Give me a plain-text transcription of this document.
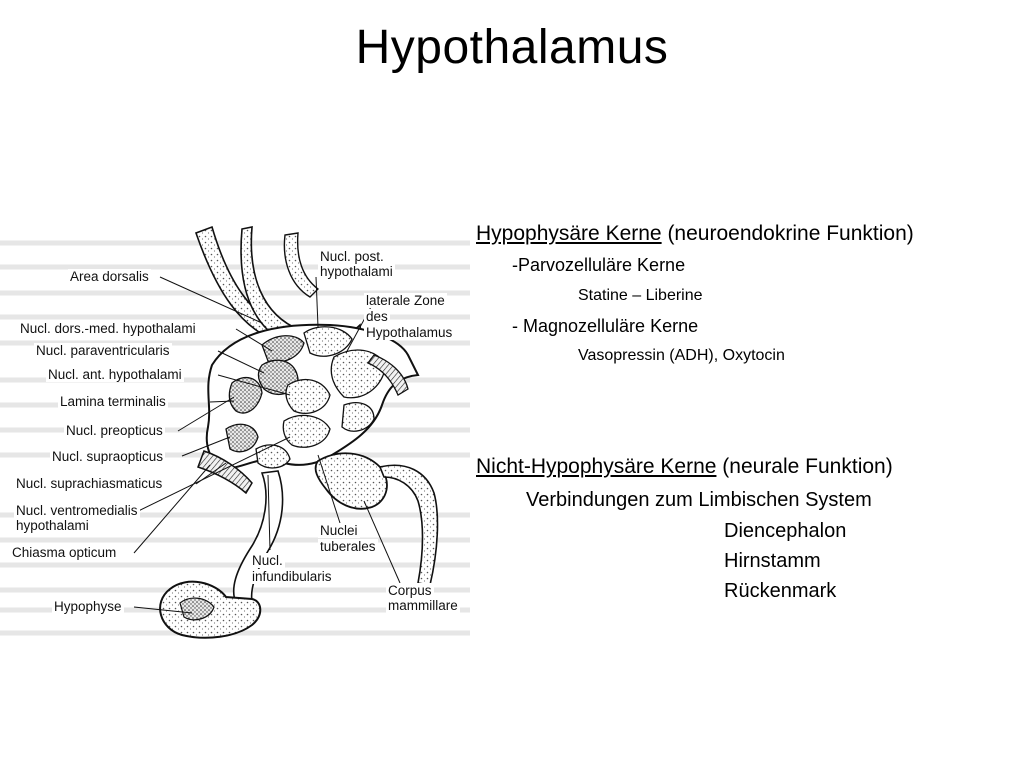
Hypothalamus
Area dorsalis
Nucl. dors.-med. hypothalami
Nucl. paraventricularis
Nucl. ant. hypothalami
Lamina terminalis
Nucl. preopticus
Nucl. supraopticus
Nucl. suprachiasmaticus
Nucl. ventromedialis
hypothalami
Chiasma opticum
Hypophyse
Nucl. post.
hypothalami
laterale Zone
des
Hypothalamus
Nuclei
tuberales
Nucl.
infundibularis
Corpus
mammillare
Hypophysäre Kerne (neuroendokrine Funktion)
-Parvozelluläre Kerne
Statine – Liberine
- Magnozelluläre Kerne
Vasopressin (ADH), Oxytocin
Nicht-Hypophysäre Kerne (neurale Funktion)
Verbindungen zum Limbischen System
Diencephalon
Hirnstamm
Rückenmark
